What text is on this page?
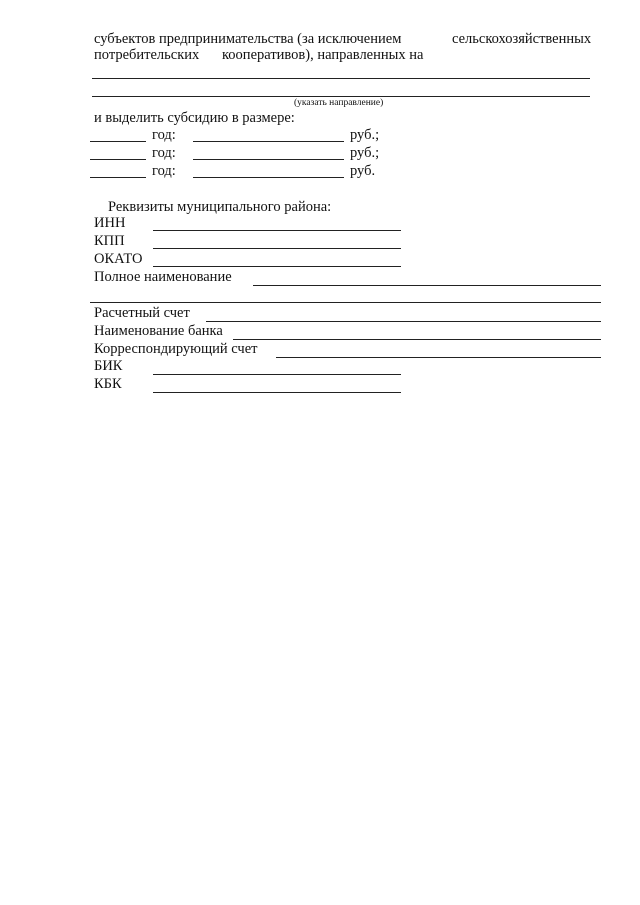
субъектов предпринимательства (за исключением	сельскохозяйственных
потребительских кооперативов), направленных на
(указать направление)
и выделить субсидию в размере:
год:	руб.;
год:	руб.;
год:	руб.
Реквизиты муниципального района:
ИНН
КПП
ОКАТО
Полное наименование
Расчетный счет
Наименование банка
Корреспондирующий счет
БИК
КБК
